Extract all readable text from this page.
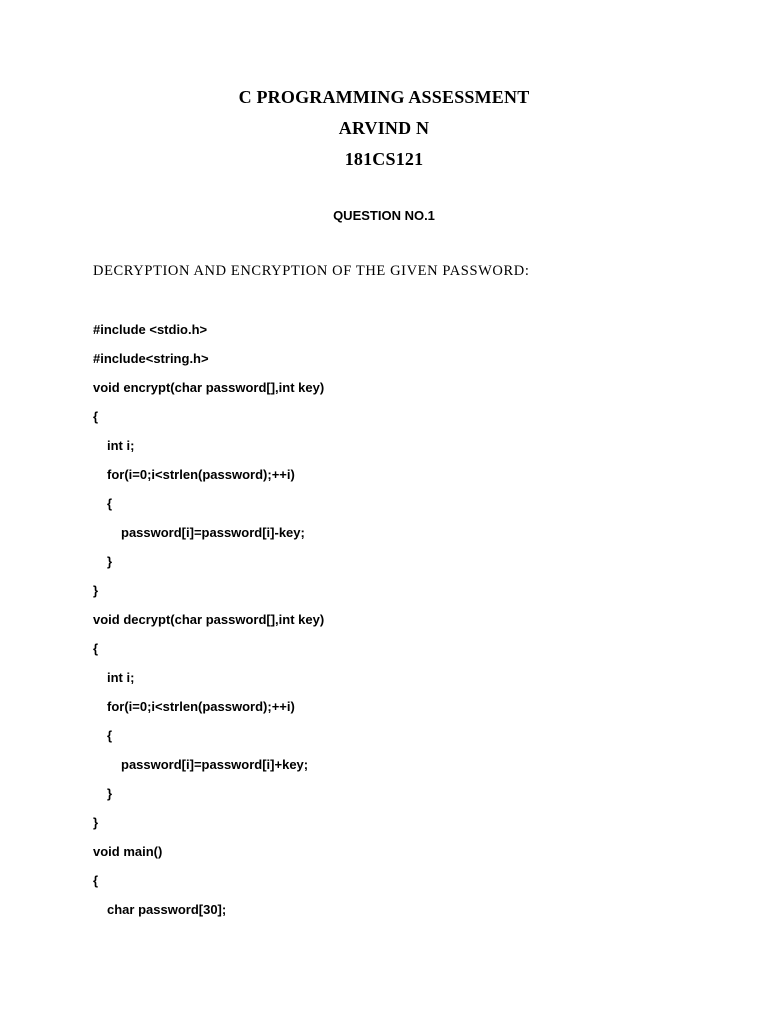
C PROGRAMMING ASSESSMENT
ARVIND N
181CS121
QUESTION NO.1
DECRYPTION AND ENCRYPTION OF THE GIVEN PASSWORD:
#include <stdio.h>
#include<string.h>
void encrypt(char password[],int key)
{
int i;
for(i=0;i<strlen(password);++i)
{
password[i]=password[i]-key;
}
}
void decrypt(char password[],int key)
{
int i;
for(i=0;i<strlen(password);++i)
{
password[i]=password[i]+key;
}
}
void main()
{
char password[30];
